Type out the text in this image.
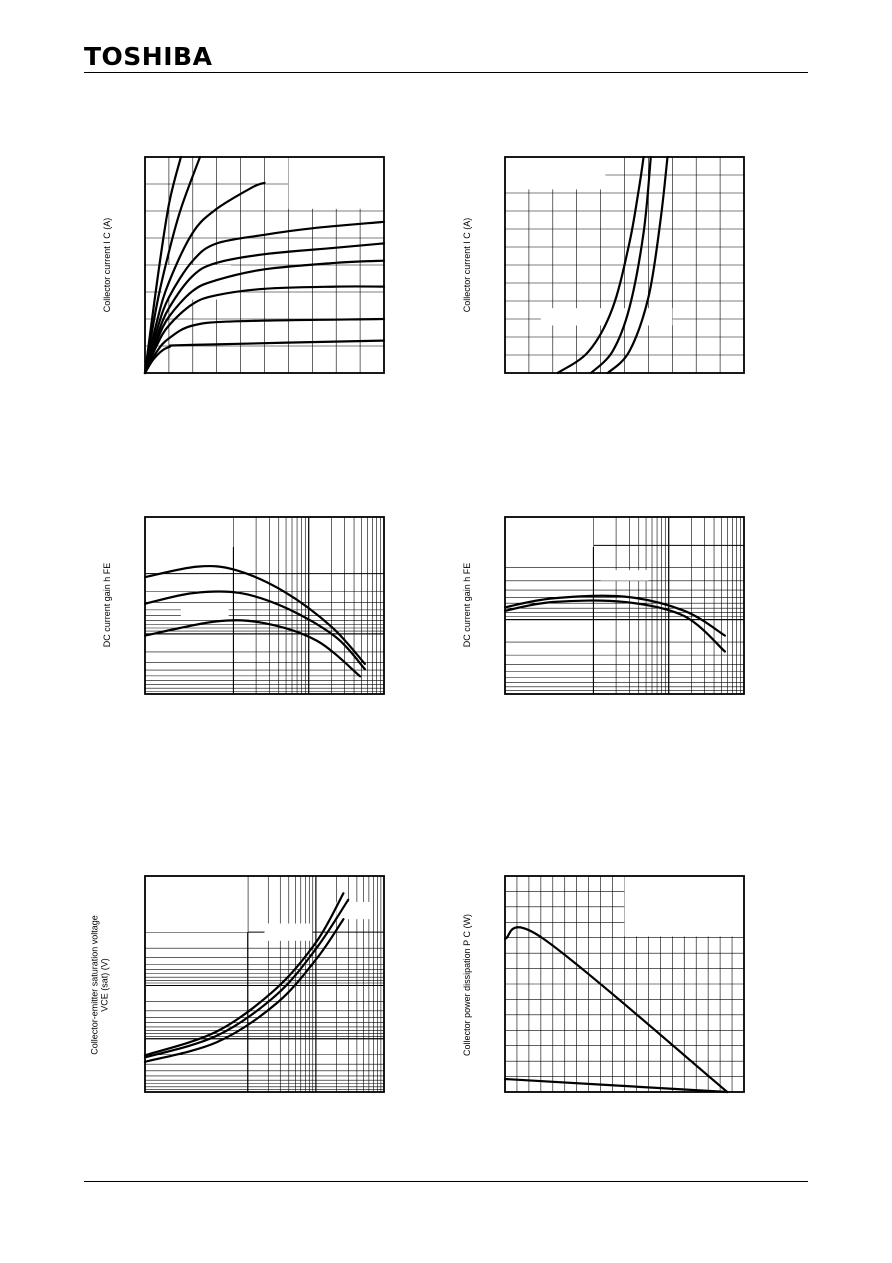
TOSHIBA
Collector current I C (A)	Collector current I C (A)
DC current gain h FE	DC current gain h FE
Collector-emitter saturation voltage VCE (sat) (V)	Collector power dissipation P C (W)
